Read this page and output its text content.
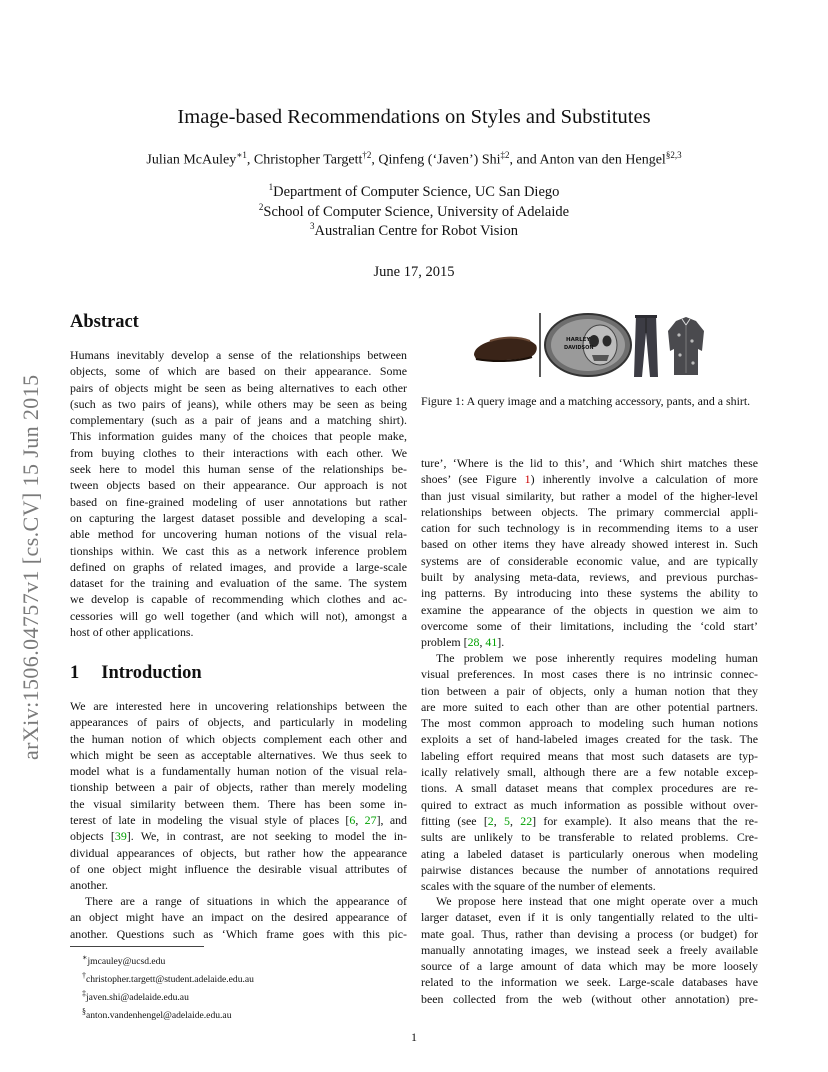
Image-based Recommendations on Styles and Substitutes
Julian McAuley$^{∗1}$, Christopher Targett$^{\dagger 2}$, Qinfeng (‘Javen’) Shi$^{\ddagger 2}$, and Anton van den Hengel$^{\S 2,3}$
$^1$Department of Computer Science, UC San Diego
$^2$School of Computer Science, University of Adelaide
$^3$Australian Centre for Robot Vision
June 17, 2015
arXiv:1506.04757v1 [cs.CV] 15 Jun 2015
Abstract
Humans inevitably develop a sense of the relationships between
objects, some of which are based on their appearance. Some
pairs of objects might be seen as being alternatives to each other
(such as two pairs of jeans), while others may be seen as being
complementary (such as a pair of jeans and a matching shirt).
This information guides many of the choices that people make,
from buying clothes to their interactions with each other. We
seek here to model this human sense of the relationships be-
tween objects based on their appearance. Our approach is not
based on fine-grained modeling of user annotations but rather
on capturing the largest dataset possible and developing a scal-
able method for uncovering human notions of the visual rela-
tionships within. We cast this as a network inference problem
defined on graphs of related images, and provide a large-scale
dataset for the training and evaluation of the same. The system
we develop is capable of recommending which clothes and ac-
cessories will go well together (and which will not), amongst a
host of other applications.
1 Introduction
We are interested here in uncovering relationships between the
appearances of pairs of objects, and particularly in modeling
the human notion of which objects complement each other and
which might be seen as acceptable alternatives. We thus seek to
model what is a fundamentally human notion of the visual rela-
tionship between a pair of objects, rather than merely modeling
the visual similarity between them. There has been some in-
terest of late in modeling the visual style of places [6, 27], and
objects [39]. We, in contrast, are not seeking to model the in-
dividual appearances of objects, but rather how the appearance
of one object might influence the desirable visual attributes of
another.
There are a range of situations in which the appearance of
an object might have an impact on the desired appearance of
another. Questions such as ‘Which frame goes with this pic-
∗jmcauley@ucsd.edu
†christopher.targett@student.adelaide.edu.au
‡javen.shi@adelaide.edu.au
§anton.vandenhengel@adelaide.edu.au
HARLEY
DAVIDSON
Figure 1: A query image and a matching accessory, pants, and a shirt.
ture’, ‘Where is the lid to this’, and ‘Which shirt matches these
shoes’ (see Figure 1) inherently involve a calculation of more
than just visual similarity, but rather a model of the higher-level
relationships between objects. The primary commercial appli-
cation for such technology is in recommending items to a user
based on other items they have already showed interest in. Such
systems are of considerable economic value, and are typically
built by analysing meta-data, reviews, and previous purchas-
ing patterns. By introducing into these systems the ability to
examine the appearance of the objects in question we aim to
overcome some of their limitations, including the ‘cold start’
problem [28, 41].
The problem we pose inherently requires modeling human
visual preferences. In most cases there is no intrinsic connec-
tion between a pair of objects, only a human notion that they
are more suited to each other than are other potential partners.
The most common approach to modeling such human notions
exploits a set of hand-labeled images created for the task. The
labeling effort required means that most such datasets are typ-
ically relatively small, although there are a few notable excep-
tions. A small dataset means that complex procedures are re-
quired to extract as much information as possible without over-
fitting (see [2, 5, 22] for example). It also means that the re-
sults are unlikely to be transferable to related problems. Cre-
ating a labeled dataset is particularly onerous when modeling
pairwise distances because the number of annotations required
scales with the square of the number of elements.
We propose here instead that one might operate over a much
larger dataset, even if it is only tangentially related to the ulti-
mate goal. Thus, rather than devising a process (or budget) for
manually annotating images, we instead seek a freely available
source of a large amount of data which may be more loosely
related to the information we seek. Large-scale databases have
been collected from the web (without other annotation) pre-
1
